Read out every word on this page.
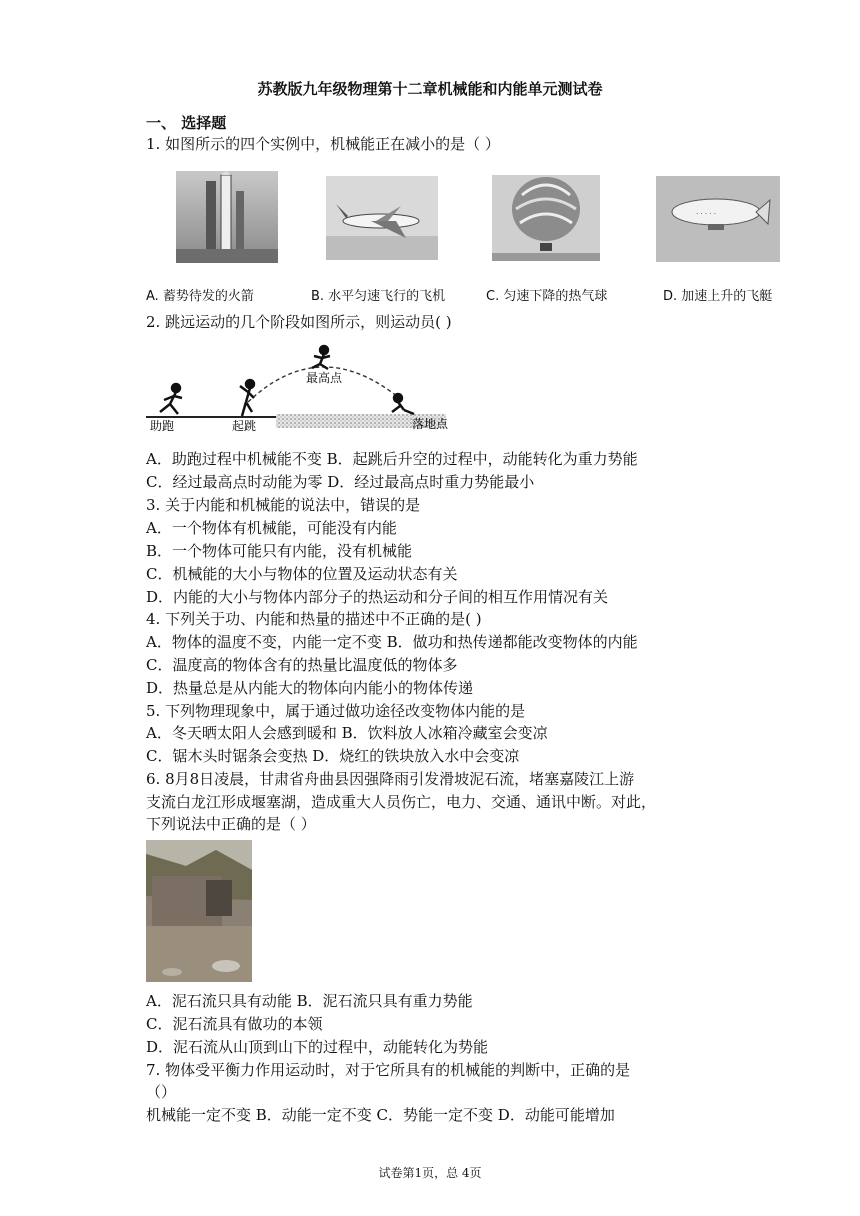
苏教版九年级物理第十二章机械能和内能单元测试卷
一、 选择题
1. 如图所示的四个实例中，机械能正在减小的是（ ）
· · · · ·
A. 蓄势待发的火箭	B. 水平匀速飞行的飞机	C. 匀速下降的热气球	D. 加速上升的飞艇
2. 跳远运动的几个阶段如图所示，则运动员( )
助跑	起跳
最高点
落地点
A．助跑过程中机械能不变 B．起跳后升空的过程中，动能转化为重力势能
C．经过最高点时动能为零 D．经过最高点时重力势能最小
3. 关于内能和机械能的说法中，错误的是
A．一个物体有机械能，可能没有内能
B．一个物体可能只有内能，没有机械能
C．机械能的大小与物体的位置及运动状态有关
D．内能的大小与物体内部分子的热运动和分子间的相互作用情况有关
4. 下列关于功、内能和热量的描述中不正确的是( )
A．物体的温度不变，内能一定不变 B．做功和热传递都能改变物体的内能
C．温度高的物体含有的热量比温度低的物体多
D．热量总是从内能大的物体向内能小的物体传递
5. 下列物理现象中，属于通过做功途径改变物体内能的是
A．冬天晒太阳人会感到暖和 B．饮料放人冰箱冷藏室会变凉
C．锯木头时锯条会变热 D．烧红的铁块放入水中会变凉
6. 8月8日凌晨，甘肃省舟曲县因强降雨引发滑坡泥石流，堵塞嘉陵江上游
支流白龙江形成堰塞湖，造成重大人员伤亡，电力、交通、通讯中断。对此，
下列说法中正确的是（ ）
A．泥石流只具有动能 B．泥石流只具有重力势能
C．泥石流具有做功的本领
D．泥石流从山顶到山下的过程中，动能转化为势能
7. 物体受平衡力作用运动时，对于它所具有的机械能的判断中，正确的是
（）
机械能一定不变 B．动能一定不变 C．势能一定不变 D．动能可能增加
试卷第1页，总 4页
